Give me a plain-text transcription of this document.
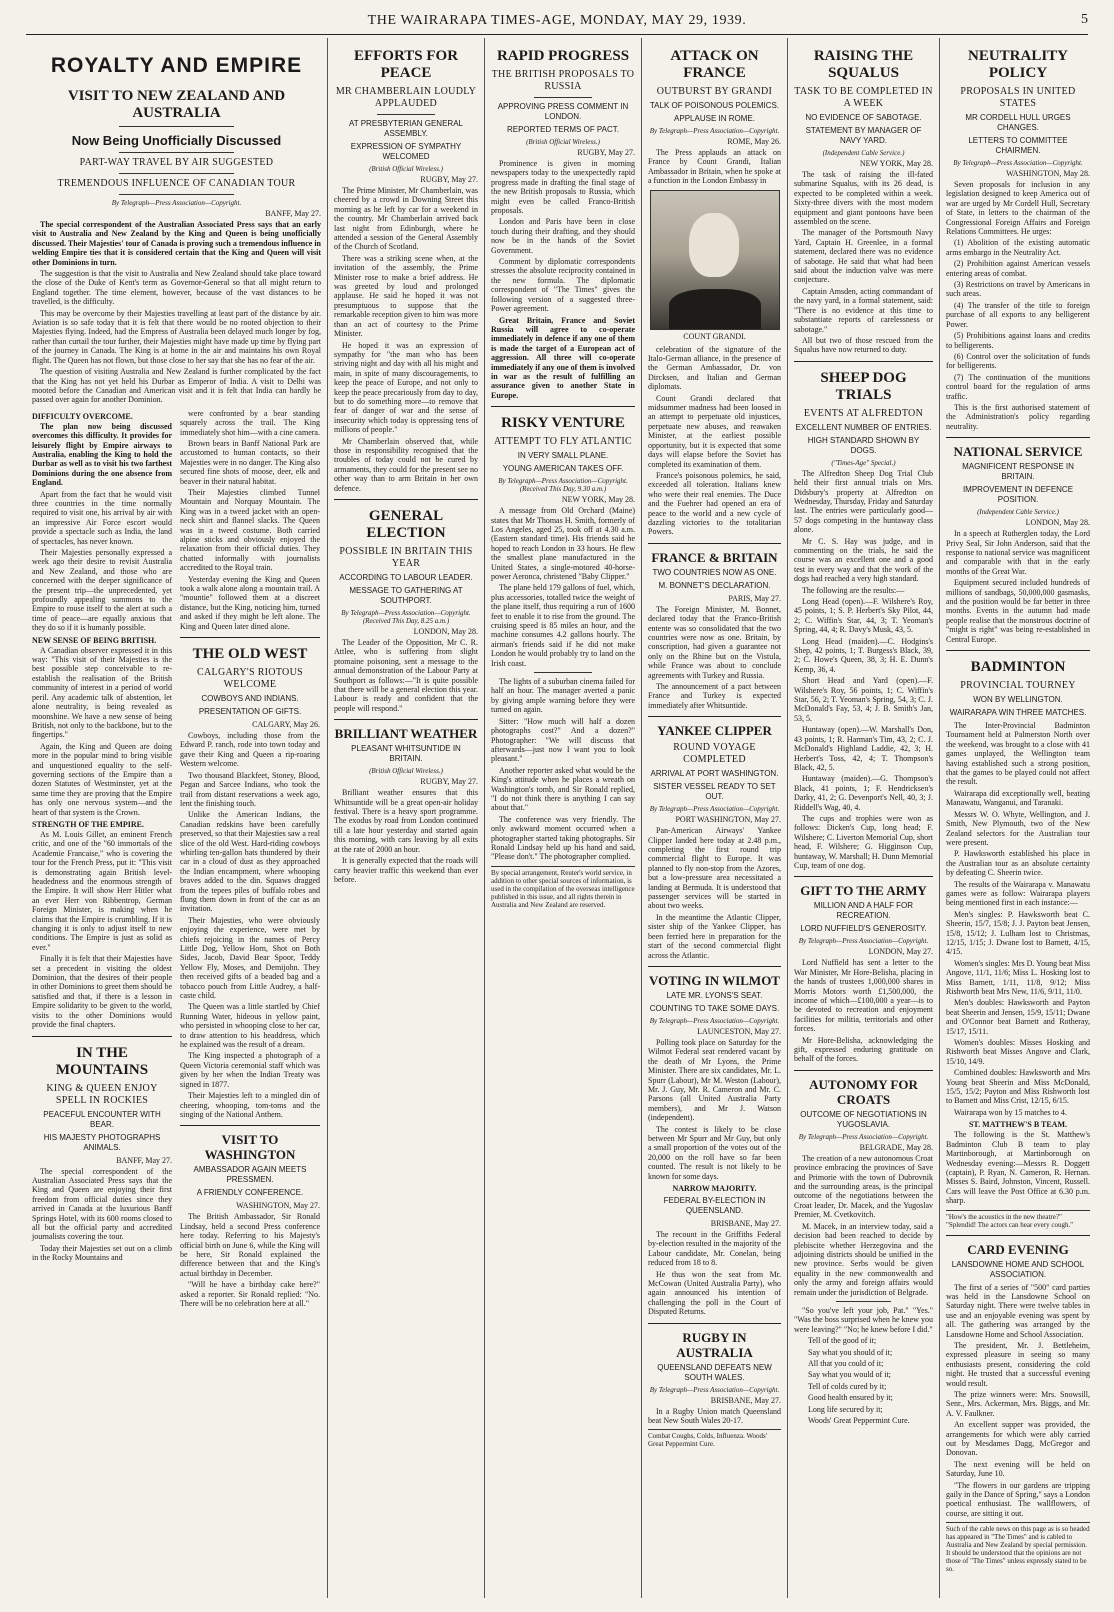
THE WAIRARAPA TIMES-AGE, MONDAY, MAY 29, 1939.	5
ROYALTY AND EMPIRE
VISIT TO NEW ZEALAND AND AUSTRALIA
Now Being Unofficially Discussed
PART-WAY TRAVEL BY AIR SUGGESTED
TREMENDOUS INFLUENCE OF CANADIAN TOUR
By Telegraph—Press Association—Copyright.
BANFF, May 27.

The special correspondent of the Australian Associated Press says that an early visit to Australia and New Zealand by the King and Queen is being unofficially discussed. Their Majesties' tour of Canada is proving such a tremendous influence in welding Empire ties that it is considered certain that the King and Queen will visit other Dominions in turn.

The suggestion is that the visit to Australia and New Zealand should take place toward the close of the Duke of Kent's term as Governor-General so that all might return to England together. The time element, however, because of the vast distances to be travelled, is the difficulty.

This may be overcome by their Majesties travelling at least part of the distance by air. Aviation is so safe today that it is felt that there would be no rooted objection to their Majesties flying. Indeed, had the Empress of Australia been delayed much longer by fog, rather than curtail the tour further, their Majesties might have made up time by flying part of the journey in Canada. The King is at home in the air and maintains his own Royal flight. The Queen has not flown, but those close to her say that she has no fear of the air.

The question of visiting Australia and New Zealand is further complicated by the fact that the King has not yet held his Durbar as Emperor of India. A visit to Delhi was mooted before the Canadian and American visit and it is felt that India can hardly be passed over again for another Dominion.

DIFFICULTY OVERCOME.

The plan now being discussed overcomes this difficulty. It provides for leisurely flight by Empire airways to Australia, enabling the King to hold the Durbar as well as to visit his two farthest Dominions during the one absence from England.

Apart from the fact that he would visit three countries in the time normally required to visit one, his arrival by air with an impressive Air Force escort would provide a spectacle such as India, the land of spectacles, has never known.

Their Majesties personally expressed a week ago their desire to revisit Australia and New Zealand, and those who are concerned with the deeper significance of the present trip—the unprecedented, yet profoundly appealing summons to the Empire to rouse itself to the alert at such a time of peace—are equally anxious that they do so if it is humanly possible.

NEW SENSE OF BEING BRITISH.

A Canadian observer expressed it in this way: "This visit of their Majesties is the best possible step conceivable to re-establish the realisation of the British community of interest in a period of world peril. Any academic talk of abstention, let alone neutrality, is being revealed as moonshine. We have a new sense of being British, not only to the backbone, but to the fingertips."

Again, the King and Queen are doing more in the popular mind to bring visible and unquestioned equality to the self-governing sections of the Empire than a dozen Statutes of Westminster, yet at the same time they are proving that the Empire has only one nervous system—and the heart of that system is the Crown.

STRENGTH OF THE EMPIRE.

As M. Louis Gillet, an eminent French critic, and one of the "60 immortals of the Academie Francaise," who is covering the tour for the French Press, put it: "This visit is demonstrating again British level-headedness and the enormous strength of the Empire. It will show Herr Hitler what an ever Herr von Ribbentrop, German Foreign Minister, is making when he claims that the Empire is crumbling. If it is changing it is only to adjust itself to new conditions. The Empire is just as solid as ever."

Finally it is felt that their Majesties have set a precedent in visiting the oldest Dominion, that the desires of their people in other Dominions to greet them should be satisfied and that, if there is a lesson in Empire solidarity to be given to the world, visits to the other Dominions would provide the final chapters.

IN THE MOUNTAINS
KING & QUEEN ENJOY SPELL IN ROCKIES
PEACEFUL ENCOUNTER WITH BEAR.
HIS MAJESTY PHOTOGRAPHS ANIMALS.
BANFF, May 27.

The special correspondent of the Australian Associated Press says that the King and Queen are enjoying their first freedom from official duties since they arrived in Canada at the luxurious Banff Springs Hotel, with its 600 rooms closed to all but the official party and accredited journalists covering the tour.

Today their Majesties set out on a climb in the Rocky Mountains and

were confronted by a bear standing squarely across the trail. The King immediately shot him—with a cine camera.

Brown bears in Banff National Park are accustomed to human contacts, so their Majesties were in no danger. The King also secured fine shots of moose, deer, elk and beaver in their natural habitat.

Their Majesties climbed Tunnel Mountain and Norquay Mountain. The King was in a tweed jacket with an open-neck shirt and flannel slacks. The Queen was in a tweed costume. Both carried alpine sticks and obviously enjoyed the relaxation from their official duties. They chatted informally with journalists accredited to the Royal train.

Yesterday evening the King and Queen took a walk alone along a mountain trail. A "mountie" followed them at a discreet distance, but the King, noticing him, turned and asked if they might be left alone. The King and Queen later dined alone.

THE OLD WEST
CALGARY'S RIOTOUS WELCOME
COWBOYS AND INDIANS.
PRESENTATION OF GIFTS.
CALGARY, May 26.

Cowboys, including those from the Edward P. ranch, rode into town today and gave their King and Queen a rip-roaring Western welcome.

Two thousand Blackfeet, Stoney, Blood, Pegan and Sarcee Indians, who took the trail from distant reservations a week ago, lent the finishing touch.

Unlike the American Indians, the Canadian redskins have been carefully preserved, so that their Majesties saw a real slice of the old West. Hard-riding cowboys whirling ten-gallon hats thundered by their car in a cloud of dust as they approached the Indian encampment, where whooping braves added to the din. Squaws dragged from the tepees piles of buffalo robes and flung them down in front of the car as an invitation.

Their Majesties, who were obviously enjoying the experience, were met by chiefs rejoicing in the names of Percy Little Dog, Yellow Horn, Shot on Both Sides, Jacob, David Bear Spoor, Teddy Yellow Fly, Moses, and Demijohn. They then received gifts of a beaded bag and a tobacco pouch from Little Audrey, a half-caste child.

The Queen was a little startled by Chief Running Water, hideous in yellow paint, who persisted in whooping close to her car, to draw attention to his headdress, which he explained was the result of a dream.

The King inspected a photograph of a Queen Victoria ceremonial staff which was given by her when the Indian Treaty was signed in 1877.

Their Majesties left to a mingled din of cheering, whooping, tom-toms and the singing of the National Anthem.

VISIT TO WASHINGTON
AMBASSADOR AGAIN MEETS PRESSMEN.
A FRIENDLY CONFERENCE.
WASHINGTON, May 27.

The British Ambassador, Sir Ronald Lindsay, held a second Press conference here today. Referring to his Majesty's official birth on June 6, while the King will be here, Sir Ronald explained the difference between that and the King's actual birthday in December.

"Will he have a birthday cake here?" asked a reporter. Sir Ronald replied: "No. There will be no celebration here at all."

EFFORTS FOR PEACE
MR CHAMBERLAIN LOUDLY APPLAUDED
AT PRESBYTERIAN GENERAL ASSEMBLY.
EXPRESSION OF SYMPATHY WELCOMED
(British Official Wireless.)
RUGBY, May 27.

The Prime Minister, Mr Chamberlain, was cheered by a crowd in Downing Street this morning as he left by car for a weekend in the country. Mr Chamberlain arrived back last night from Edinburgh, where he attended a session of the General Assembly of the Church of Scotland.

There was a striking scene when, at the invitation of the assembly, the Prime Minister rose to make a brief address. He was greeted by loud and prolonged applause. He said he hoped it was not presumptuous to suppose that the remarkable reception given to him was more than an act of courtesy to the Prime Minister.

He hoped it was an expression of sympathy for "the man who has been striving night and day with all his might and main, in spite of many discouragements, to keep the peace of Europe, and not only to keep the peace precariously from day to day, but to do something more—to remove that fear of danger of war and the sense of insecurity which today is oppressing tens of millions of people."

Mr Chamberlain observed that, while those in responsibility recognised that the troubles of today could not be cured by armaments, they could for the present see no other way than to arm Britain in her own defence.

GENERAL ELECTION
POSSIBLE IN BRITAIN THIS YEAR
ACCORDING TO LABOUR LEADER.
MESSAGE TO GATHERING AT SOUTHPORT.
By Telegraph—Press Association—Copyright. (Received This Day, 8.25 a.m.)
LONDON, May 28.

The Leader of the Opposition, Mr C. R. Attlee, who is suffering from slight ptomaine poisoning, sent a message to the annual demonstration of the Labour Party at Southport as follows:—"It is quite possible that there will be a general election this year. Labour is ready and confident that the people will respond."

BRILLIANT WEATHER
PLEASANT WHITSUNTIDE IN BRITAIN.
(British Official Wireless.)
RUGBY, May 27.

Brilliant weather ensures that this Whitsuntide will be a great open-air holiday festival. There is a heavy sport programme. The exodus by road from London continued till a late hour yesterday and started again this morning, with cars leaving by all exits at the rate of 2000 an hour.

It is generally expected that the roads will carry heavier traffic this weekend than ever before.

RAPID PROGRESS
THE BRITISH PROPOSALS TO RUSSIA
APPROVING PRESS COMMENT IN LONDON.
REPORTED TERMS OF PACT.
(British Official Wireless.)
RUGBY, May 27.

Prominence is given in morning newspapers today to the unexpectedly rapid progress made in drafting the final stage of the new British proposals to Russia, which might even be called Franco-British proposals.

London and Paris have been in close touch during their drafting, and they should now be in the hands of the Soviet Government.

Comment by diplomatic correspondents stresses the absolute reciprocity contained in the new formula. The diplomatic correspondent of "The Times" gives the following version of a suggested three-Power agreement.

Great Britain, France and Soviet Russia will agree to co-operate immediately in defence if any one of them is made the target of a European act of aggression. All three will co-operate immediately if any one of them is involved in war as the result of fulfilling an assurance given to another State in Europe.

RISKY VENTURE
ATTEMPT TO FLY ATLANTIC
IN VERY SMALL PLANE.
YOUNG AMERICAN TAKES OFF.
By Telegraph—Press Association—Copyright. (Received This Day, 9.30 a.m.)
NEW YORK, May 28.

A message from Old Orchard (Maine) states that Mr Thomas H. Smith, formerly of Los Angeles, aged 25, took off at 4.30 a.m. (Eastern standard time). His friends said he hoped to reach London in 33 hours. He flew the smallest plane manufactured in the United States, a single-motored 40-horse-power Aeronca, christened "Baby Clipper."

The plane held 179 gallons of fuel, which, plus accessories, totalled twice the weight of the plane itself, thus requiring a run of 1600 feet to enable it to rise from the ground. The cruising speed is 85 miles an hour, and the machine consumes 4.2 gallons hourly. The airman's friends said if he did not make London he would probably try to land on the Irish coast.

The lights of a suburban cinema failed for half an hour. The manager averted a panic by giving ample warning before they were turned on again.

Sitter: "How much will half a dozen photographs cost?" And a dozen?" Photographer: "We will discuss that afterwards—just now I want you to look pleasant."

Another reporter asked what would be the King's attitude when he places a wreath on Washington's tomb, and Sir Ronald replied, "I do not think there is anything I can say about that."

The conference was very friendly. The only awkward moment occurred when a photographer started taking photographs. Sir Ronald Lindsay held up his hand and said, "Please don't." The photographer complied.

By special arrangement, Reuter's world service, in addition to other special sources of information, is used in the compilation of the overseas intelligence published in this issue, and all rights therein in Australia and New Zealand are reserved.
ATTACK ON FRANCE
OUTBURST BY GRANDI
TALK OF POISONOUS POLEMICS.
APPLAUSE IN ROME.
By Telegraph—Press Association—Copyright.
ROME, May 26.

The Press applauds an attack on France by Count Grandi, Italian Ambassador in Britain, when he spoke at a function in the London Embassy in

COUNT GRANDI.

celebration of the signature of the Italo-German alliance, in the presence of the German Ambassador, Dr. von Dircksen, and Italian and German diplomats.

Count Grandi declared that midsummer madness had been loosed in an attempt to perpetuate old injustices, perpetuate new abuses, and reawaken Minister, at the earliest possible opportunity, but it is expected that some days will elapse before the Soviet has completed its examination of them.

France's poisonous polemics, he said, exceeded all toleration. Italians knew who were their real enemies. The Duce and the Fuehrer had opened an era of peace to the world and a new cycle of dazzling victories to the totalitarian Powers.

FRANCE & BRITAIN
TWO COUNTRIES NOW AS ONE.
M. BONNET'S DECLARATION.
PARIS, May 27.

The Foreign Minister, M. Bonnet, declared today that the Franco-British entente was so consolidated that the two countries were now as one. Britain, by conscription, had given a guarantee not only on the Rhine but on the Vistula, while France was about to conclude agreements with Turkey and Russia.

The announcement of a pact between France and Turkey is expected immediately after Whitsuntide.

YANKEE CLIPPER
ROUND VOYAGE COMPLETED
ARRIVAL AT PORT WASHINGTON.
SISTER VESSEL READY TO SET OUT.
By Telegraph—Press Association—Copyright.
PORT WASHINGTON, May 27.

Pan-American Airways' Yankee Clipper landed here today at 2.48 p.m., completing the first round trip commercial flight to Europe. It was planned to fly non-stop from the Azores, but a low-pressure area necessitated a landing at Bermuda. It is understood that passenger services will be started in about two weeks.

In the meantime the Atlantic Clipper, sister ship of the Yankee Clipper, has been ferried here in preparation for the start of the second commercial flight across the Atlantic.

VOTING IN WILMOT
LATE MR. LYONS'S SEAT.
COUNTING TO TAKE SOME DAYS.
By Telegraph—Press Association—Copyright.
LAUNCESTON, May 27.

Polling took place on Saturday for the Wilmot Federal seat rendered vacant by the death of Mr Lyons, the Prime Minister. There are six candidates, Mr. L. Spurr (Labour), Mr M. Weston (Labour), Mr. J. Guy, Mr. R. Cameron and Mr. C. Parsons (all United Australia Party members), and Mr J. Watson (independent).

The contest is likely to be close between Mr Spurr and Mr Guy, but only a small proportion of the votes out of the 20,000 on the roll have so far been counted. The result is not likely to be known for some days.

NARROW MAJORITY.
FEDERAL BY-ELECTION IN QUEENSLAND.
BRISBANE, May 27.

The recount in the Griffiths Federal by-election resulted in the majority of the Labour candidate, Mr. Conelan, being reduced from 18 to 8.

He thus won the seat from Mr. McCowan (United Australia Party), who again announced his intention of challenging the poll in the Court of Disputed Returns.

RUGBY IN AUSTRALIA
QUEENSLAND DEFEATS NEW SOUTH WALES.
By Telegraph—Press Association—Copyright.
BRISBANE, May 27.

In a Rugby Union match Queensland beat New South Wales 20-17.

Combat Coughs, Colds, Influenza. Woods' Great Peppermint Cure.
RAISING THE SQUALUS
TASK TO BE COMPLETED IN A WEEK
NO EVIDENCE OF SABOTAGE.
STATEMENT BY MANAGER OF NAVY YARD.
(Independent Cable Service.)
NEW YORK, May 28.

The task of raising the ill-fated submarine Squalus, with its 26 dead, is expected to be completed within a week. Sixty-three divers with the most modern equipment and giant pontoons have been assembled on the scene.

The manager of the Portsmouth Navy Yard, Captain H. Greenlee, in a formal statement, declared there was no evidence of sabotage. He said that what had been said about the induction valve was mere conjecture.

Captain Amsden, acting commandant of the navy yard, in a formal statement, said: "There is no evidence at this time to substantiate reports of carelessness or sabotage."

All but two of those rescued from the Squalus have now returned to duty.

SHEEP DOG TRIALS
EVENTS AT ALFREDTON
EXCELLENT NUMBER OF ENTRIES.
HIGH STANDARD SHOWN BY DOGS.
("Times-Age" Special.)

The Alfredton Sheep Dog Trial Club held their first annual trials on Mrs. Didsbury's property at Alfredton on Wednesday, Thursday, Friday and Saturday last. The entries were particularly good—57 dogs competing in the huntaway class alone.

Mr C. S. Hay was judge, and in commenting on the trials, he said the course was an excellent one and a good test in every way and that the work of the dogs had reached a very high standard.

The following are the results:—

Long Head (open).—F. Wilshere's Roy, 45 points, 1; S. P. Herbert's Sky Pilot, 44, 2; C. Wiffin's Star, 44, 3; T. Yeoman's Spring, 44, 4; R. Davy's Musk, 43, 5.

Long Head (maiden).—C. Hodgins's Shep, 42 points, 1; T. Burgess's Black, 39, 2; C. Howe's Queen, 38, 3; H. E. Dunn's Kemp, 36, 4.

Short Head and Yard (open).—F. Wilshere's Roy, 56 points, 1; C. Wiffin's Star, 56, 2; T. Yeoman's Spring, 54, 3; C. J. McDonald's Fay, 53, 4; J. B. Smith's Jan, 53, 5.

Huntaway (open).—W. Marshall's Don, 43 points, 1; R. Harman's Tim, 43, 2; C. J. McDonald's Highland Laddie, 42, 3; H. Herbert's Toss, 42, 4; T. Thompson's Black, 42, 5.

Huntaway (maiden).—G. Thompson's Black, 41 points, 1; F. Hendricksen's Darky, 41, 2; G. Devenport's Nell, 40, 3; J. Riddell's Wag, 40, 4.

The cups and trophies were won as follows: Dicken's Cup, long head; F. Wilshere; C. Liverton Memorial Cup, short head, F. Wilshere; G. Higginson Cup, huntaway, W. Marshall; H. Dunn Memorial Cup, team of one dog.

GIFT TO THE ARMY
MILLION AND A HALF FOR RECREATION.
LORD NUFFIELD'S GENEROSITY.
By Telegraph—Press Association—Copyright.
LONDON, May 27.

Lord Nuffield has sent a letter to the War Minister, Mr Hore-Belisha, placing in the hands of trustees 1,000,000 shares in Morris Motors worth £1,500,000, the income of which—£100,000 a year—is to be devoted to recreation and enjoyment facilities for militia, territorials and other forces.

Mr Hore-Belisha, acknowledging the gift, expressed enduring gratitude on behalf of the forces.

AUTONOMY FOR CROATS
OUTCOME OF NEGOTIATIONS IN YUGOSLAVIA.
By Telegraph—Press Association—Copyright.
BELGRADE, May 28.

The creation of a new autonomous Croat province embracing the provinces of Save and Primorie with the town of Dubrovnik and the surrounding areas, is the principal outcome of the negotiations between the Croat leader, Dr. Macek, and the Yugoslav Premier, M. Cvetkovitch.

M. Macek, in an interview today, said a decision had been reached to decide by plebiscite whether Herzegovina and the adjoining districts should be unified in the new province. Serbs would be given equality in the new commonwealth and only the army and foreign affairs would remain under the jurisdiction of Belgrade.

"So you've left your job, Pat." "Yes." "Was the boss surprised when he knew you were leaving?" "No; he knew before I did."

Tell of the good of it;

Say what you should of it;

All that you could of it;

Say what you would of it;

Tell of colds cured by it;

Good health ensured by it;

Long life secured by it;

Woods' Great Peppermint Cure.

NEUTRALITY POLICY
PROPOSALS IN UNITED STATES
MR CORDELL HULL URGES CHANGES.
LETTERS TO COMMITTEE CHAIRMEN.
By Telegraph—Press Association—Copyright.
WASHINGTON, May 28.

Seven proposals for inclusion in any legislation designed to keep America out of war are urged by Mr Cordell Hull, Secretary of State, in letters to the chairman of the Congressional Foreign Affairs and Foreign Relations Committees. He urges:

(1) Abolition of the existing automatic arms embargo in the Neutrality Act.

(2) Prohibition against American vessels entering areas of combat.

(3) Restrictions on travel by Americans in such areas.

(4) The transfer of the title to foreign purchase of all exports to any belligerent Power.

(5) Prohibitions against loans and credits to belligerents.

(6) Control over the solicitation of funds for belligerents.

(7) The continuation of the munitions control board for the regulation of arms traffic.

This is the first authorised statement of the Administration's policy regarding neutrality.

NATIONAL SERVICE
MAGNIFICENT RESPONSE IN BRITAIN.
IMPROVEMENT IN DEFENCE POSITION.
(Independent Cable Service.)
LONDON, May 28.

In a speech at Rutherglen today, the Lord Privy Seal, Sir John Anderson, said that the response to national service was magnificent and comparable with that in the early months of the Great War.

Equipment secured included hundreds of millions of sandbags, 50,000,000 gasmasks, and the position would be far better in three months. Events in the autumn had made people realise that the monstrous doctrine of "might is right" was being re-established in Central Europe.

BADMINTON
PROVINCIAL TOURNEY
WON BY WELLINGTON.
WAIRARAPA WIN THREE MATCHES.

The Inter-Provincial Badminton Tournament held at Palmerston North over the weekend, was brought to a close with 41 games unplayed, the Wellington team having established such a strong position, that the games to be played could not affect the result.

Wairarapa did exceptionally well, beating Manawatu, Wanganui, and Taranaki.

Messrs W. O. Whyte, Wellington, and J. Smith, New Plymouth, two of the New Zealand selectors for the Australian tour were present.

P. Hawksworth established his place in the Australian tour as an absolute certainty by defeating C. Sheerin twice.

The results of the Wairarapa v. Manawatu games were as follow: Wairarapa players being mentioned first in each instance:—

Men's singles: P. Hawksworth beat C. Sheerin, 15/7, 15/8; J. J. Payton beat Jensen, 15/8, 15/12; J. Lulham lost to Christmas, 12/15, 1/15; J. Dwane lost to Barnett, 4/15, 4/15.

Women's singles: Mrs D. Young beat Miss Angove, 11/1, 11/6; Miss L. Hosking lost to Miss Barnett, 1/11, 11/8, 9/12; Miss Rishworth beat Mrs New, 11/6, 9/11, 11/0.

Men's doubles: Hawksworth and Payton beat Sheerin and Jensen, 15/9, 15/11; Dwane and O'Connor beat Barnett and Rotheray, 15/17, 15/11.

Women's doubles: Misses Hosking and Rishworth beat Misses Angove and Clark, 15/10, 14/9.

Combined doubles: Hawksworth and Mrs Young beat Sheerin and Miss McDonald, 15/5, 15/2; Payton and Miss Rishworth lost to Barnett and Miss Crist, 12/15, 6/15.

Wairarapa won by 15 matches to 4.

ST. MATTHEW'S B TEAM.

The following is the St. Matthew's Badminton Club B team to play Martinborough, at Martinborough on Wednesday evening:—Messrs R. Doggett (captain), P. Ryan, N. Cameron, R. Hernan. Misses S. Baird, Johnston, Vincent, Russell. Cars will leave the Post Office at 6.30 p.m. sharp.

"How's the acoustics in the new theatre?" "Splendid! The actors can hear every cough."
CARD EVENING
LANSDOWNE HOME AND SCHOOL ASSOCIATION.

The first of a series of "500" card parties was held in the Lansdowne School on Saturday night. There were twelve tables in use and an enjoyable evening was spent by all. The gathering was arranged by the Lansdowne Home and School Association.

The president, Mr. J. Bettleheim, expressed pleasure in seeing so many enthusiasts present, considering the cold night. He trusted that a successful evening would result.

The prize winners were: Mrs. Snowsill, Senr., Mrs. Ackerman, Mrs. Biggs, and Mr. A. V. Faulkner.

An excellent supper was provided, the arrangements for which were ably carried out by Mesdames Dagg, McGregor and Donovan.

The next evening will be held on Saturday, June 10.

"The flowers in our gardens are tripping gaily in the Dance of Spring," says a London poetical enthusiast. The wallflowers, of course, are sitting it out.

Such of the cable news on this page as is so headed has appeared in "The Times" and is cabled to Australia and New Zealand by special permission. It should be understood that the opinions are not those of "The Times" unless expressly stated to be so.
